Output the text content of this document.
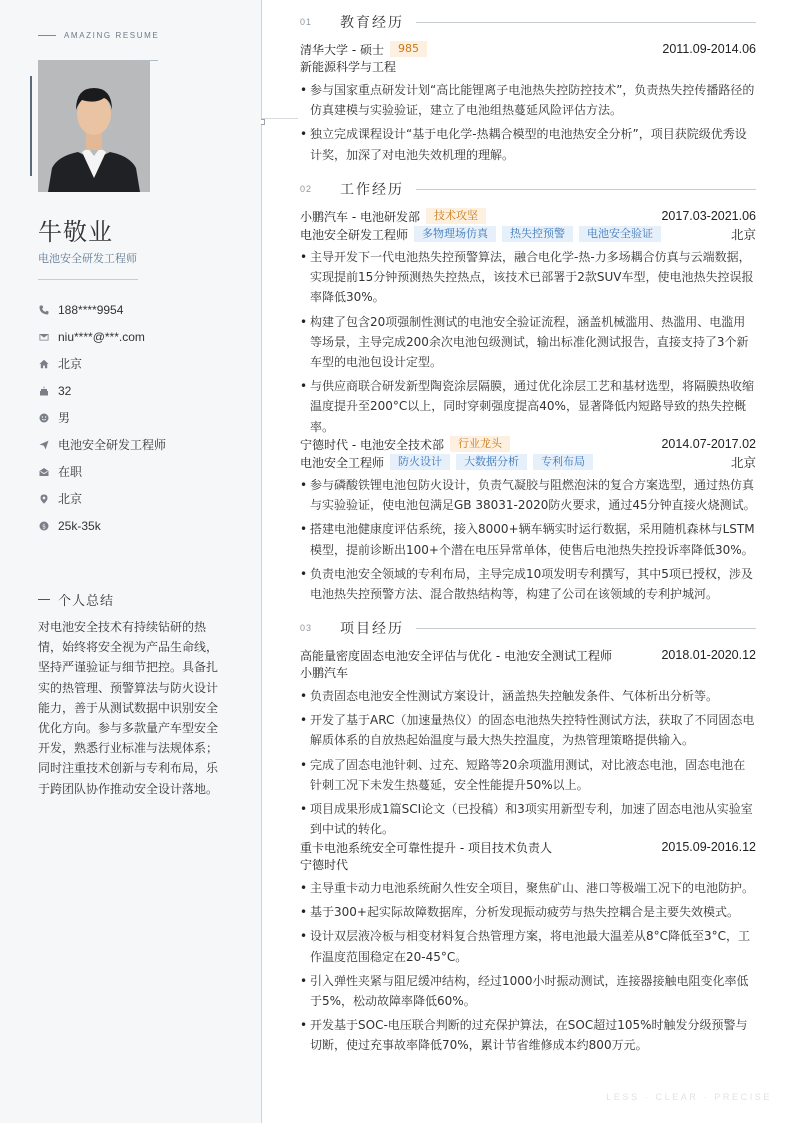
AMAZING RESUME
牛敬业
电池安全研发工程师
188****9954
niu****@***.com
北京
32
男
电池安全研发工程师
在职
北京
$ 25k-35k
个人总结
对电池安全技术有持续钻研的热情，始终将安全视为产品生命线，坚持严谨验证与细节把控。具备扎实的热管理、预警算法与防火设计能力，善于从测试数据中识别安全优化方向。参与多款量产车型安全开发，熟悉行业标准与法规体系；同时注重技术创新与专利布局，乐于跨团队协作推动安全设计落地。
01	教育经历
清华大学 - 硕士	985	2011.09-2014.06
新能源科学与工程
• 参与国家重点研发计划“高比能锂离子电池热失控防控技术”，负责热失控传播路径的仿真建模与实验验证，建立了电池组热蔓延风险评估方法。
• 独立完成课程设计“基于电化学-热耦合模型的电池热安全分析”，项目获院级优秀设计奖，加深了对电池失效机理的理解。
02	工作经历
小鹏汽车 - 电池研发部	技术攻坚	2017.03-2021.06
电池安全研发工程师	多物理场仿真	热失控预警	电池安全验证	北京
• 主导开发下一代电池热失控预警算法，融合电化学-热-力多场耦合仿真与云端数据，实现提前15分钟预测热失控热点，该技术已部署于2款SUV车型，使电池热失控误报率降低30%。
• 构建了包含20项强制性测试的电池安全验证流程，涵盖机械滥用、热滥用、电滥用等场景，主导完成200余次电池包级测试，输出标准化测试报告，直接支持了3个新车型的电池包设计定型。
• 与供应商联合研发新型陶瓷涂层隔膜，通过优化涂层工艺和基材选型，将隔膜热收缩温度提升至200°C以上，同时穿刺强度提高40%，显著降低内短路导致的热失控概率。
宁德时代 - 电池安全技术部	行业龙头	2014.07-2017.02
电池安全工程师	防火设计	大数据分析	专利布局	北京
• 参与磷酸铁锂电池包防火设计，负责气凝胶与阻燃泡沫的复合方案选型，通过热仿真与实验验证，使电池包满足GB 38031-2020防火要求，通过45分钟直接火烧测试。
• 搭建电池健康度评估系统，接入8000+辆车辆实时运行数据，采用随机森林与LSTM模型，提前诊断出100+个潜在电压异常单体，使售后电池热失控投诉率降低30%。
• 负责电池安全领域的专利布局，主导完成10项发明专利撰写，其中5项已授权，涉及电池热失控预警方法、混合散热结构等，构建了公司在该领域的专利护城河。
03	项目经历
高能量密度固态电池安全评估与优化 - 电池安全测试工程师	2018.01-2020.12
小鹏汽车
• 负责固态电池安全性测试方案设计，涵盖热失控触发条件、气体析出分析等。
• 开发了基于ARC（加速量热仪）的固态电池热失控特性测试方法，获取了不同固态电解质体系的自放热起始温度与最大热失控温度，为热管理策略提供输入。
• 完成了固态电池针刺、过充、短路等20余项滥用测试，对比液态电池，固态电池在针刺工况下未发生热蔓延，安全性能提升50%以上。
• 项目成果形成1篇SCI论文（已投稿）和3项实用新型专利，加速了固态电池从实验室到中试的转化。
重卡电池系统安全可靠性提升 - 项目技术负责人	2015.09-2016.12
宁德时代
• 主导重卡动力电池系统耐久性安全项目，聚焦矿山、港口等极端工况下的电池防护。
• 基于300+起实际故障数据库，分析发现振动疲劳与热失控耦合是主要失效模式。
• 设计双层液冷板与相变材料复合热管理方案，将电池最大温差从8°C降低至3°C，工作温度范围稳定在20-45°C。
• 引入弹性夹紧与阻尼缓冲结构，经过1000小时振动测试，连接器接触电阻变化率低于5%，松动故障率降低60%。
• 开发基于SOC-电压联合判断的过充保护算法，在SOC超过105%时触发分级预警与切断，使过充事故率降低70%，累计节省维修成本约800万元。
LESS · CLEAR · PRECISE
